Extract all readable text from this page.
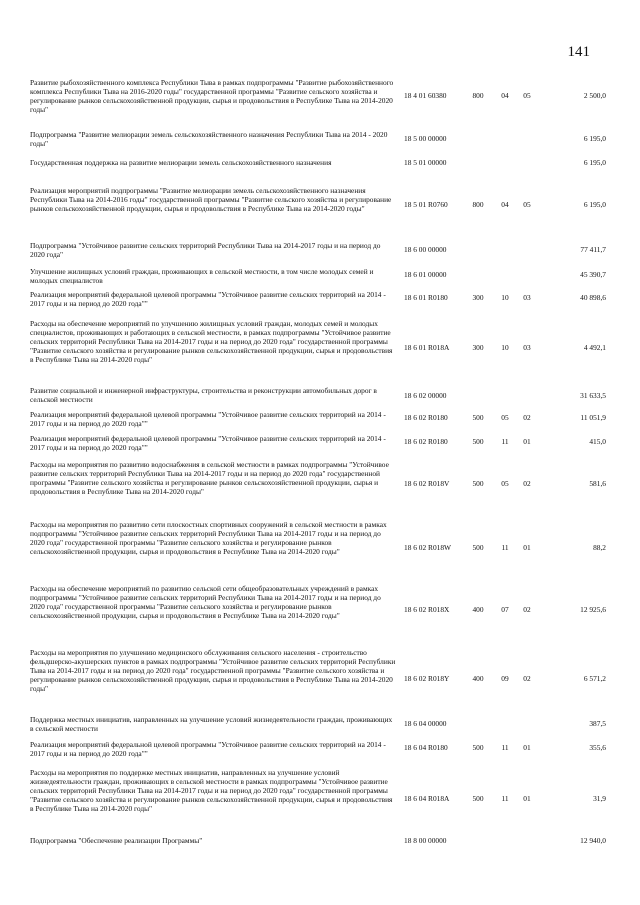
141
Развитие рыбохозяйственного комплекса Республики Тыва в рамках подпрограммы "Развитие рыбохозяйственного комплекса Республики Тыва на 2016-2020 годы" государственной программы "Развитие сельского хозяйства и регулирование рынков сельскохозяйственной продукции, сырья и продовольствия в Республике Тыва на 2014-2020 годы"
18 4 01 60380	800	04	05	2 500,0
Подпрограмма "Развитие мелиорации земель сельскохозяйственного назначения Республики Тыва на 2014 - 2020 годы"
18 5 00 00000	6 195,0
Государственная поддержка на развитие мелиорации земель сельскохозяйственного назначения	18 5 01 00000	6 195,0
Реализация мероприятий подпрограммы "Развитие мелиорации земель сельскохозяйственного назначения Республики Тыва на 2014-2016 годы" государственной программы "Развитие сельского хозяйства и регулирование рынков сельскохозяйственной продукции, сырья и продовольствия в Республике Тыва на 2014-2020 годы"	18 5 01 R0760	800	04	05	6 195,0
Подпрограмма "Устойчивое развитие сельских территорий Республики Тыва на 2014-2017 годы и на период до 2020 года"
18 6 00 00000	77 411,7
Улучшение жилищных условий граждан, проживающих в сельской местности, в том числе молодых семей и молодых специалистов
18 6 01 00000	45 390,7
Реализация мероприятий федеральной целевой программы "Устойчивое развитие сельских территорий на 2014 - 2017 годы и на период до 2020 года""
18 6 01 R0180	300	10	03	40 898,6
Расходы на обеспечение мероприятий по улучшению жилищных условий граждан, молодых семей и молодых специалистов, проживающих и работающих в сельской местности, в рамках подпрограммы "Устойчивое развитие сельских территорий Республики Тыва на 2014-2017 годы и на период до 2020 года" государственной программы "Развитие сельского хозяйства и регулирование рынков сельскохозяйственной продукции, сырья и продовольствия в Республике Тыва на 2014-2020 годы"
18 6 01 R018A	300	10	03	4 492,1
Развитие социальной и инженерной инфраструктуры, строительства и реконструкции автомобильных дорог в сельской местности	18 6 02 00000	31 633,5
Реализация мероприятий федеральной целевой программы "Устойчивое развитие сельских территорий на 2014 - 2017 годы и на период до 2020 года""
18 6 02 R0180	500	05	02	11 051,9
Реализация мероприятий федеральной целевой программы "Устойчивое развитие сельских территорий на 2014 - 2017 годы и на период до 2020 года""
18 6 02 R0180	500	11	01	415,0
Расходы на мероприятия по развитию водоснабжения в сельской местности в рамках подпрограммы "Устойчивое развитие сельских территорий Республики Тыва на 2014-2017 годы и на период до 2020 года" государственной программы "Развитие сельского хозяйства и регулирование рынков сельскохозяйственной продукции, сырья и продовольствия в Республике Тыва на 2014-2020 годы"
18 6 02 R018V	500	05	02	581,6
Расходы на мероприятия по развитию сети плоскостных спортивных сооружений в сельской местности в рамках подпрограммы "Устойчивое развитие сельских территорий Республики Тыва на 2014-2017 годы и на период до 2020 года" государственной программы "Развитие сельского хозяйства и регулирование рынков сельскохозяйственной продукции, сырья и продовольствия в Республике Тыва на 2014-2020 годы"	18 6 02 R018W	500	11	01	88,2
Расходы на обеспечение мероприятий по развитию сельской сети общеобразовательных учреждений в рамках подпрограммы "Устойчивое развитие сельских территорий Республики Тыва на 2014-2017 годы и на период до 2020 года" государственной программы "Развитие сельского хозяйства и регулирование рынков сельскохозяйственной продукции, сырья и продовольствия в Республике Тыва на 2014-2020 годы"
18 6 02 R018X	400	07	02	12 925,6
Расходы на мероприятия по улучшению медицинского обслуживания сельского населения - строительство фельдшерско-акушерских пунктов в рамках подпрограммы "Устойчивое развитие сельских территорий Республики Тыва на 2014-2017 годы и на период до 2020 года" государственной программы "Развитие сельского хозяйства и регулирование рынков сельскохозяйственной продукции, сырья и продовольствия в Республике Тыва на 2014-2020 годы"
18 6 02 R018Y	400	09	02	6 571,2
Поддержка местных инициатив, направленных на улучшение условий жизнедеятельности граждан, проживающих в сельской местности
18 6 04 00000	387,5
Реализация мероприятий федеральной целевой программы "Устойчивое развитие сельских территорий на 2014 - 2017 годы и на период до 2020 года""
18 6 04 R0180	500	11	01	355,6
Расходы на мероприятия по поддержке местных инициатив, направленных на улучшение условий жизнедеятельности граждан, проживающих в сельской местности в рамках подпрограммы "Устойчивое развитие сельских территорий Республики Тыва на 2014-2017 годы и на период до 2020 года" государственной программы "Развитие сельского хозяйства и регулирование рынков сельскохозяйственной продукции, сырья и продовольствия в Республике Тыва на 2014-2020 годы"
18 6 04 R018A	500	11	01	31,9
Подпрограмма "Обеспечение реализации Программы"	18 8 00 00000	12 940,0
